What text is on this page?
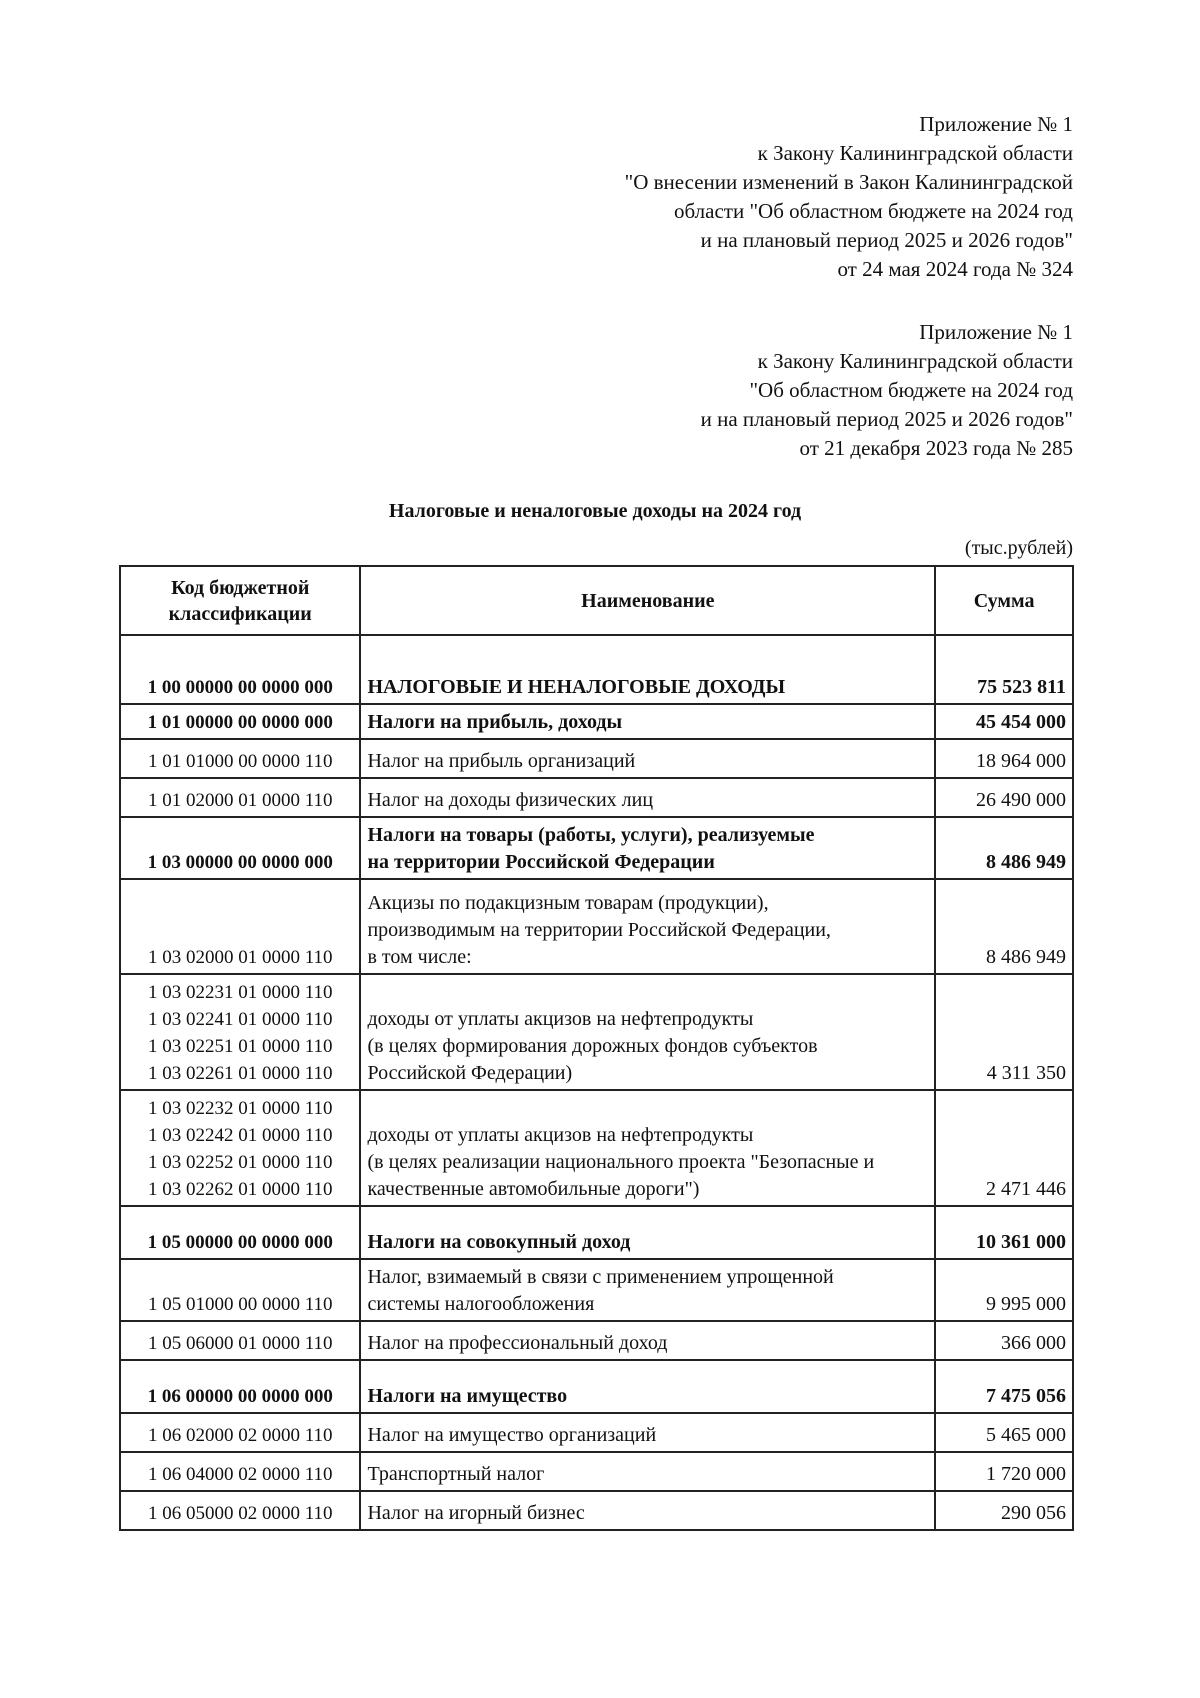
Приложение № 1
к Закону Калининградской области
"О внесении изменений в Закон Калининградской
области "Об областном бюджете на 2024 год
и на плановый период 2025 и 2026 годов"
от 24 мая 2024 года № 324
Приложение № 1
к Закону Калининградской области
"Об областном бюджете на 2024 год
и на плановый период 2025 и 2026 годов"
от 21 декабря 2023 года № 285
Налоговые и неналоговые доходы на 2024 год
(тыс.рублей)
Код бюджетной
классификации	Наименование	Сумма

1 00 00000 00 0000 000	НАЛОГОВЫЕ И НЕНАЛОГОВЫЕ ДОХОДЫ	75 523 811

1 01 00000 00 0000 000	Налоги на прибыль, доходы	45 454 000

1 01 01000 00 0000 110	Налог на прибыль организаций	18 964 000

1 01 02000 01 0000 110	Налог на доходы физических лиц	26 490 000

1 03 00000 00 0000 000	Налоги на товары (работы, услуги), реализуемые
на территории Российской Федерации	8 486 949

1 03 02000 01 0000 110	Акцизы по подакцизным товарам (продукции),
производимым на территории Российской Федерации,
в том числе:	8 486 949

1 03 02231 01 0000 110
1 03 02241 01 0000 110
1 03 02251 01 0000 110
1 03 02261 01 0000 110	доходы от уплаты акцизов на нефтепродукты
(в целях формирования дорожных фондов субъектов
Российской Федерации)	4 311 350

1 03 02232 01 0000 110
1 03 02242 01 0000 110
1 03 02252 01 0000 110
1 03 02262 01 0000 110	доходы от уплаты акцизов на нефтепродукты
(в целях реализации национального проекта "Безопасные и
качественные автомобильные дороги")	2 471 446

1 05 00000 00 0000 000	Налоги на совокупный доход	10 361 000

1 05 01000 00 0000 110	Налог, взимаемый в связи с применением упрощенной
системы налогообложения	9 995 000

1 05 06000 01 0000 110	Налог на профессиональный доход	366 000

1 06 00000 00 0000 000	Налоги на имущество	7 475 056

1 06 02000 02 0000 110	Налог на имущество организаций	5 465 000

1 06 04000 02 0000 110	Транспортный налог	1 720 000

1 06 05000 02 0000 110	Налог на игорный бизнес	290 056
